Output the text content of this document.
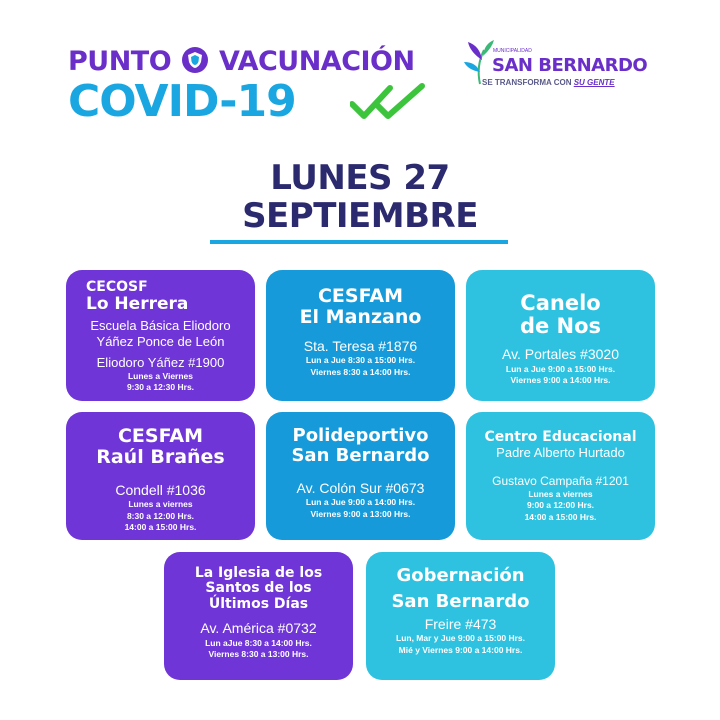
PUNTO VACUNACIÓN
COVID-19
MUNICIPALIDAD
SAN BERNARDO
SE TRANSFORMA CON SU GENTE
LUNES 27
SEPTIEMBRE
CECOSF
Lo Herrera
Escuela Básica Eliodoro
Yáñez Ponce de León
Eliodoro Yáñez #1900
Lunes a Viernes
9:30 a 12:30 Hrs.
CESFAM
El Manzano
Sta. Teresa #1876
Lun a Jue 8:30 a 15:00 Hrs.
Viernes 8:30 a 14:00 Hrs.
Canelo
de Nos
Av. Portales #3020
Lun a Jue 9:00 a 15:00 Hrs.
Viernes 9:00 a 14:00 Hrs.
CESFAM
Raúl Brañes
Condell #1036
Lunes a viernes
8:30 a 12:00 Hrs.
14:00 a 15:00 Hrs.
Polideportivo
San Bernardo
Av. Colón Sur #0673
Lun a Jue 9:00 a 14:00 Hrs.
Viernes 9:00 a 13:00 Hrs.
Centro Educacional
Padre Alberto Hurtado
Gustavo Campaña #1201
Lunes a viernes
9:00 a 12:00 Hrs.
14:00 a 15:00 Hrs.
La Iglesia de los
Santos de los
Últimos Días
Av. América #0732
Lun aJue 8:30 a 14:00 Hrs.
Viernes 8:30 a 13:00 Hrs.
Gobernación
San Bernardo
Freire #473
Lun, Mar y Jue 9:00 a 15:00 Hrs.
Mié y Viernes 9:00 a 14:00 Hrs.
